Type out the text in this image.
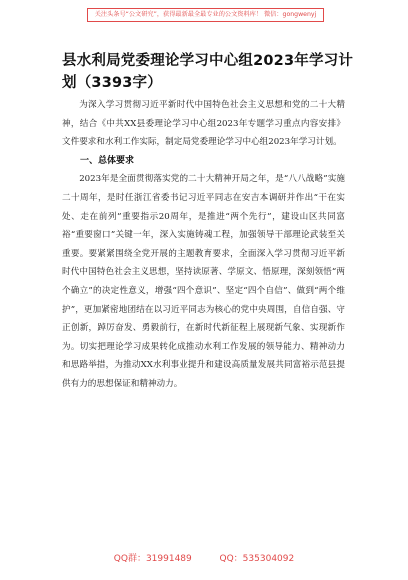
关注头条号“公文研究”，获得最新最全最专业的公文资料库！ 微信：gongwenyj
县水利局党委理论学习中心组2023年学习计划（3393字）

为深入学习贯彻习近平新时代中国特色社会主义思想和党的二十大精神，结合《中共XX县委理论学习中心组2023年专题学习重点内容安排》文件要求和水利工作实际，制定局党委理论学习中心组2023年学习计划。

一、总体要求

2023年是全面贯彻落实党的二十大精神开局之年，是“八八战略”实施二十周年，是时任浙江省委书记习近平同志在安吉本调研并作出“干在实处、走在前列”重要指示20周年，是推进“两个先行”，建设山区共同富裕“重要窗口”关键一年，深入实施铸魂工程，加强领导干部理论武装至关重要。要紧紧围绕全党开展的主题教育要求，全面深入学习贯彻习近平新时代中国特色社会主义思想，坚持读原著、学原文、悟原理，深刻领悟“两个确立”的决定性意义，增强“四个意识”、坚定“四个自信”、做到“两个维护”，更加紧密地团结在以习近平同志为核心的党中央周围，自信自强、守正创新，踔厉奋发、勇毅前行，在新时代新征程上展现新气象、实现新作为。切实把理论学习成果转化成推动水利工作发展的领导能力、精神动力和思路举措，为推动XX水利事业提升和建设高质量发展共同富裕示范县提供有力的思想保证和精神动力。

QQ群：31991489	QQ：535304092
